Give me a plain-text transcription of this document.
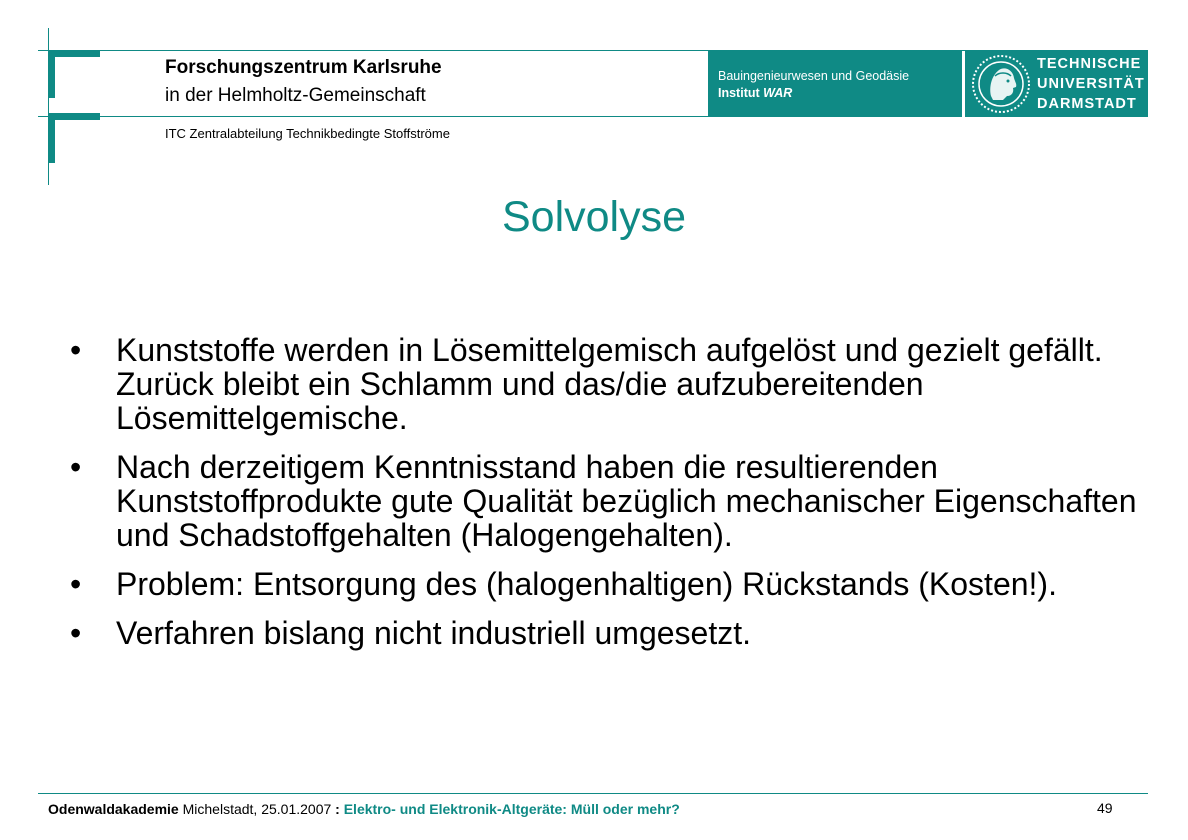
Forschungszentrum Karlsruhe
in der Helmholtz-Gemeinschaft
ITC Zentralabteilung Technikbedingte Stoffströme
Bauingenieurwesen und Geodäsie
Institut WAR
TECHNISCHE
UNIVERSITÄT
DARMSTADT
Solvolyse
• Kunststoffe werden in Lösemittelgemisch aufgelöst und gezielt gefällt. Zurück bleibt ein Schlamm und das/die aufzubereitenden Lösemittelgemische.
• Nach derzeitigem Kenntnisstand haben die resultierenden Kunststoffprodukte gute Qualität bezüglich mechanischer Eigenschaften und Schadstoffgehalten (Halogengehalten).
• Problem: Entsorgung des (halogenhaltigen) Rückstands (Kosten!).
• Verfahren bislang nicht industriell umgesetzt.
Odenwaldakademie Michelstadt, 25.01.2007 : Elektro- und Elektronik-Altgeräte: Müll oder mehr?	49
